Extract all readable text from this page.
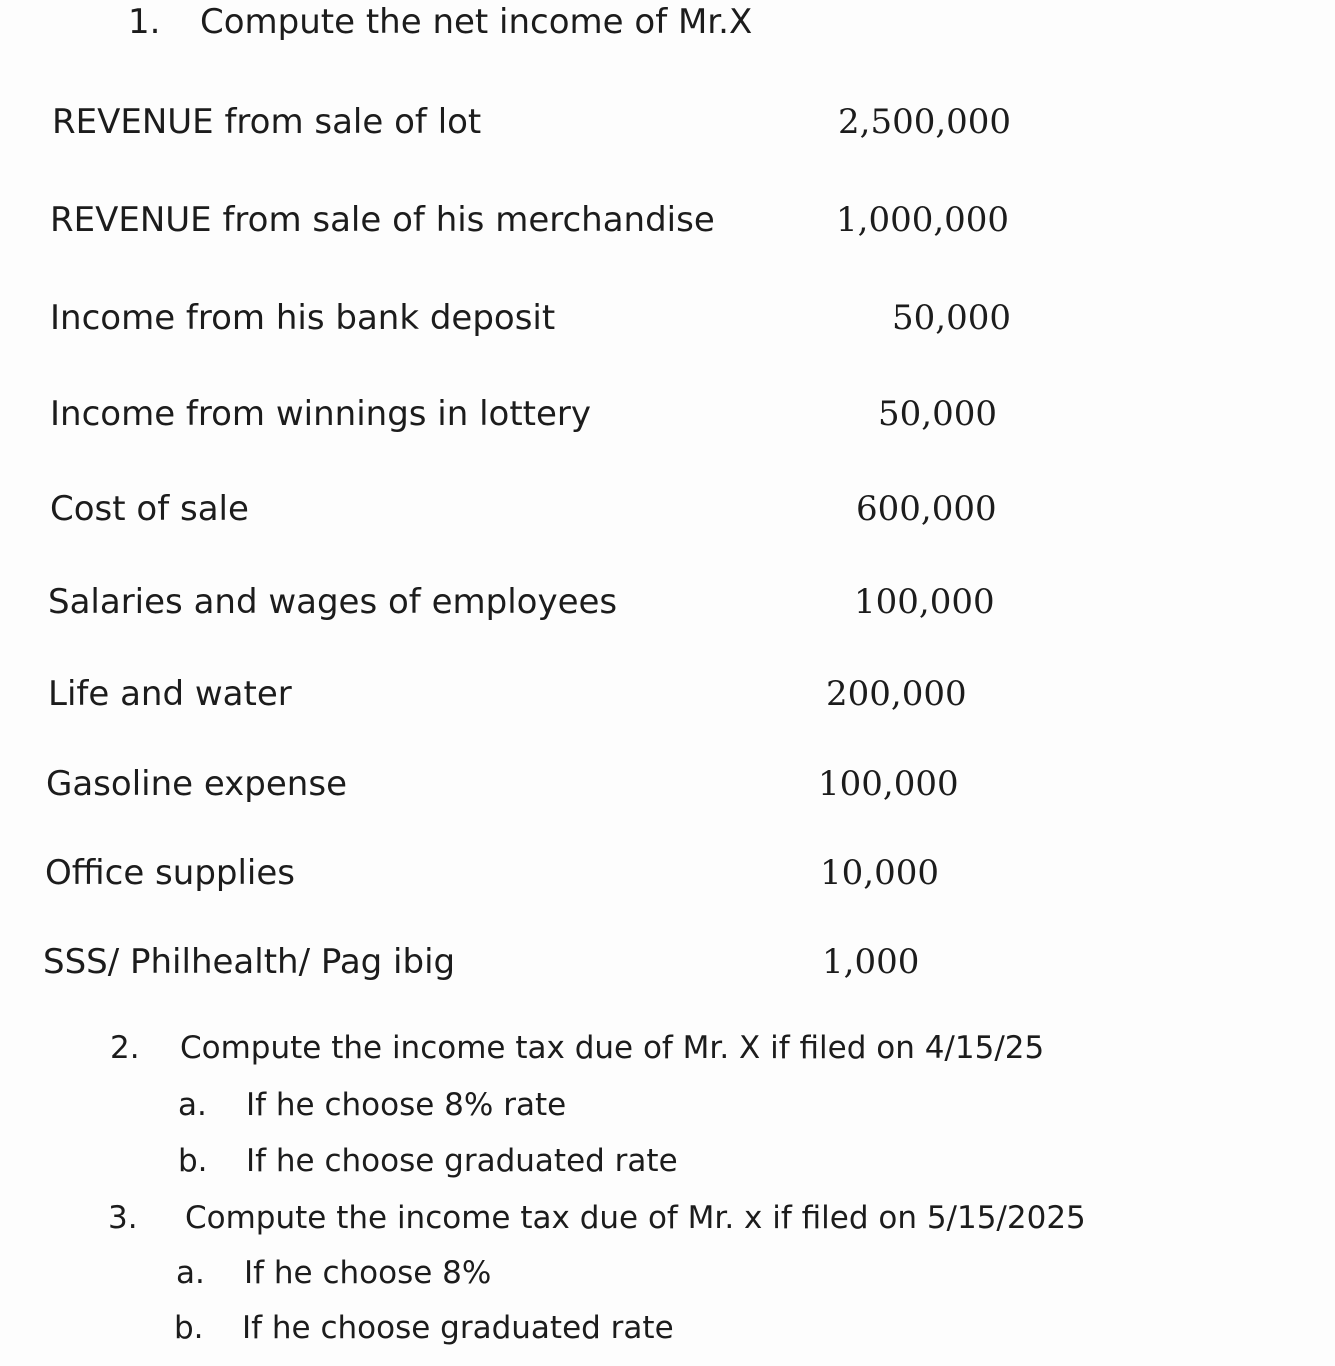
1. Compute the net income of Mr.X
REVENUE from sale of lot	2,500,000
REVENUE from sale of his merchandise	1,000,000
Income from his bank deposit	50,000
Income from winnings in lottery	50,000
Cost of sale	600,000
Salaries and wages of employees	100,000
Life and water	200,000
Gasoline expense	100,000
Office supplies	10,000
SSS/ Philhealth/ Pag ibig	1,000
2. Compute the income tax due of Mr. X if filed on 4/15/25
a. If he choose 8% rate
b. If he choose graduated rate
3. Compute the income tax due of Mr. x if filed on 5/15/2025
a. If he choose 8%
b. If he choose graduated rate
